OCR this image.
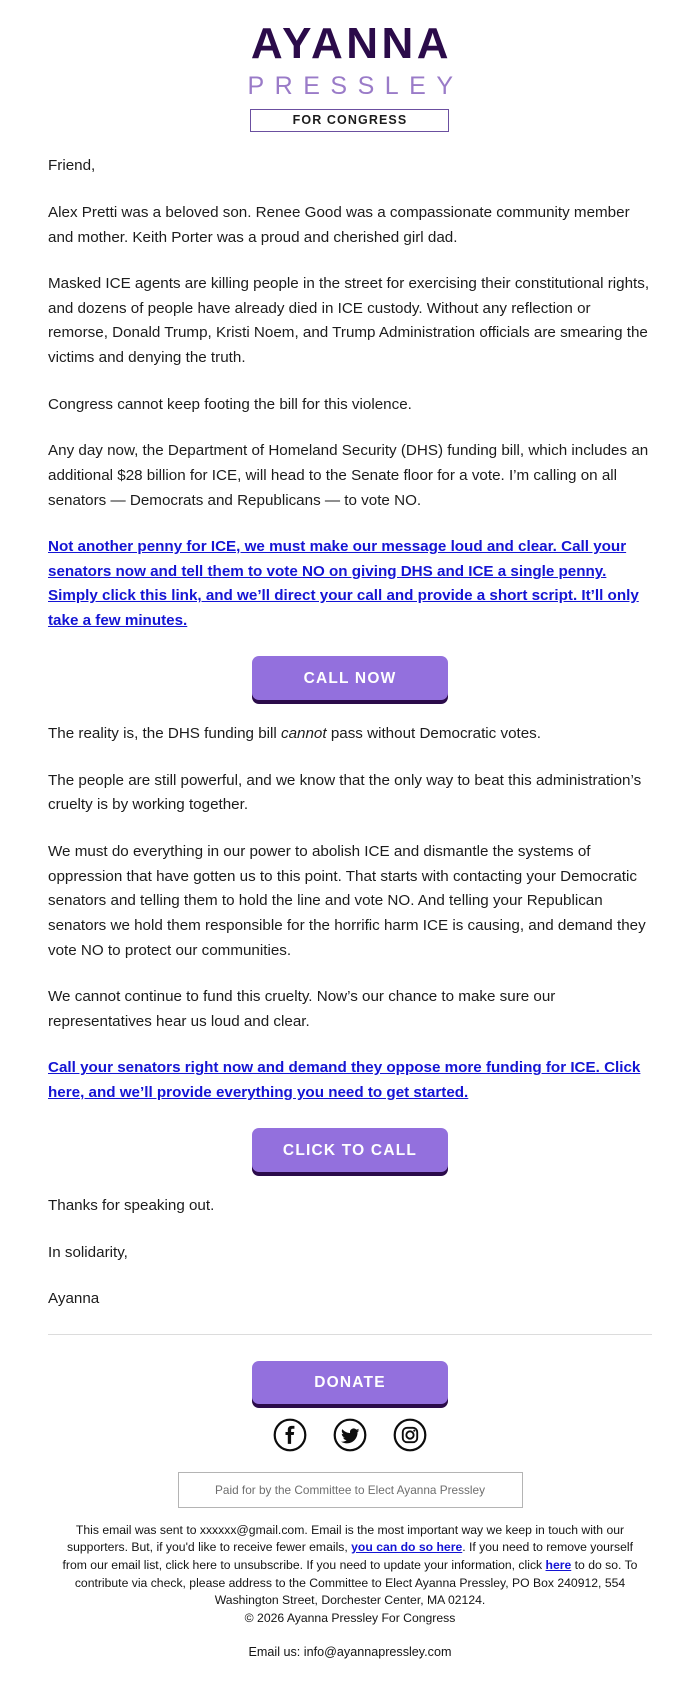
AYANNA
PRESSLEY
FOR CONGRESS

Friend,

Alex Pretti was a beloved son. Renee Good was a compassionate community member and mother. Keith Porter was a proud and cherished girl dad.

Masked ICE agents are killing people in the street for exercising their constitutional rights, and dozens of people have already died in ICE custody. Without any reflection or remorse, Donald Trump, Kristi Noem, and Trump Administration officials are smearing the victims and denying the truth.

Congress cannot keep footing the bill for this violence.

Any day now, the Department of Homeland Security (DHS) funding bill, which includes an additional $28 billion for ICE, will head to the Senate floor for a vote. I’m calling on all senators — Democrats and Republicans — to vote NO.

Not another penny for ICE, we must make our message loud and clear. Call your senators now and tell them to vote NO on giving DHS and ICE a single penny. Simply click this link, and we’ll direct your call and provide a short script. It’ll only take a few minutes.
CALL NOW

The reality is, the DHS funding bill cannot pass without Democratic votes.

The people are still powerful, and we know that the only way to beat this administration’s cruelty is by working together.

We must do everything in our power to abolish ICE and dismantle the systems of oppression that have gotten us to this point. That starts with contacting your Democratic senators and telling them to hold the line and vote NO. And telling your Republican senators we hold them responsible for the horrific harm ICE is causing, and demand they vote NO to protect our communities.

We cannot continue to fund this cruelty. Now’s our chance to make sure our representatives hear us loud and clear.

Call your senators right now and demand they oppose more funding for ICE. Click here, and we’ll provide everything you need to get started.
CLICK TO CALL

Thanks for speaking out.

In solidarity,

Ayanna

DONATE

Paid for by the Committee to Elect Ayanna Pressley
This email was sent to xxxxxx@gmail.com. Email is the most important way we keep in touch with our supporters. But, if you'd like to receive fewer emails, you can do so here. If you need to remove yourself from our email list, click here to unsubscribe. If you need to update your information, click here to do so. To contribute via check, please address to the Committee to Elect Ayanna Pressley, PO Box 240912, 554 Washington Street, Dorchester Center, MA 02124.
© 2026 Ayanna Pressley For Congress
Email us: info@ayannapressley.com
